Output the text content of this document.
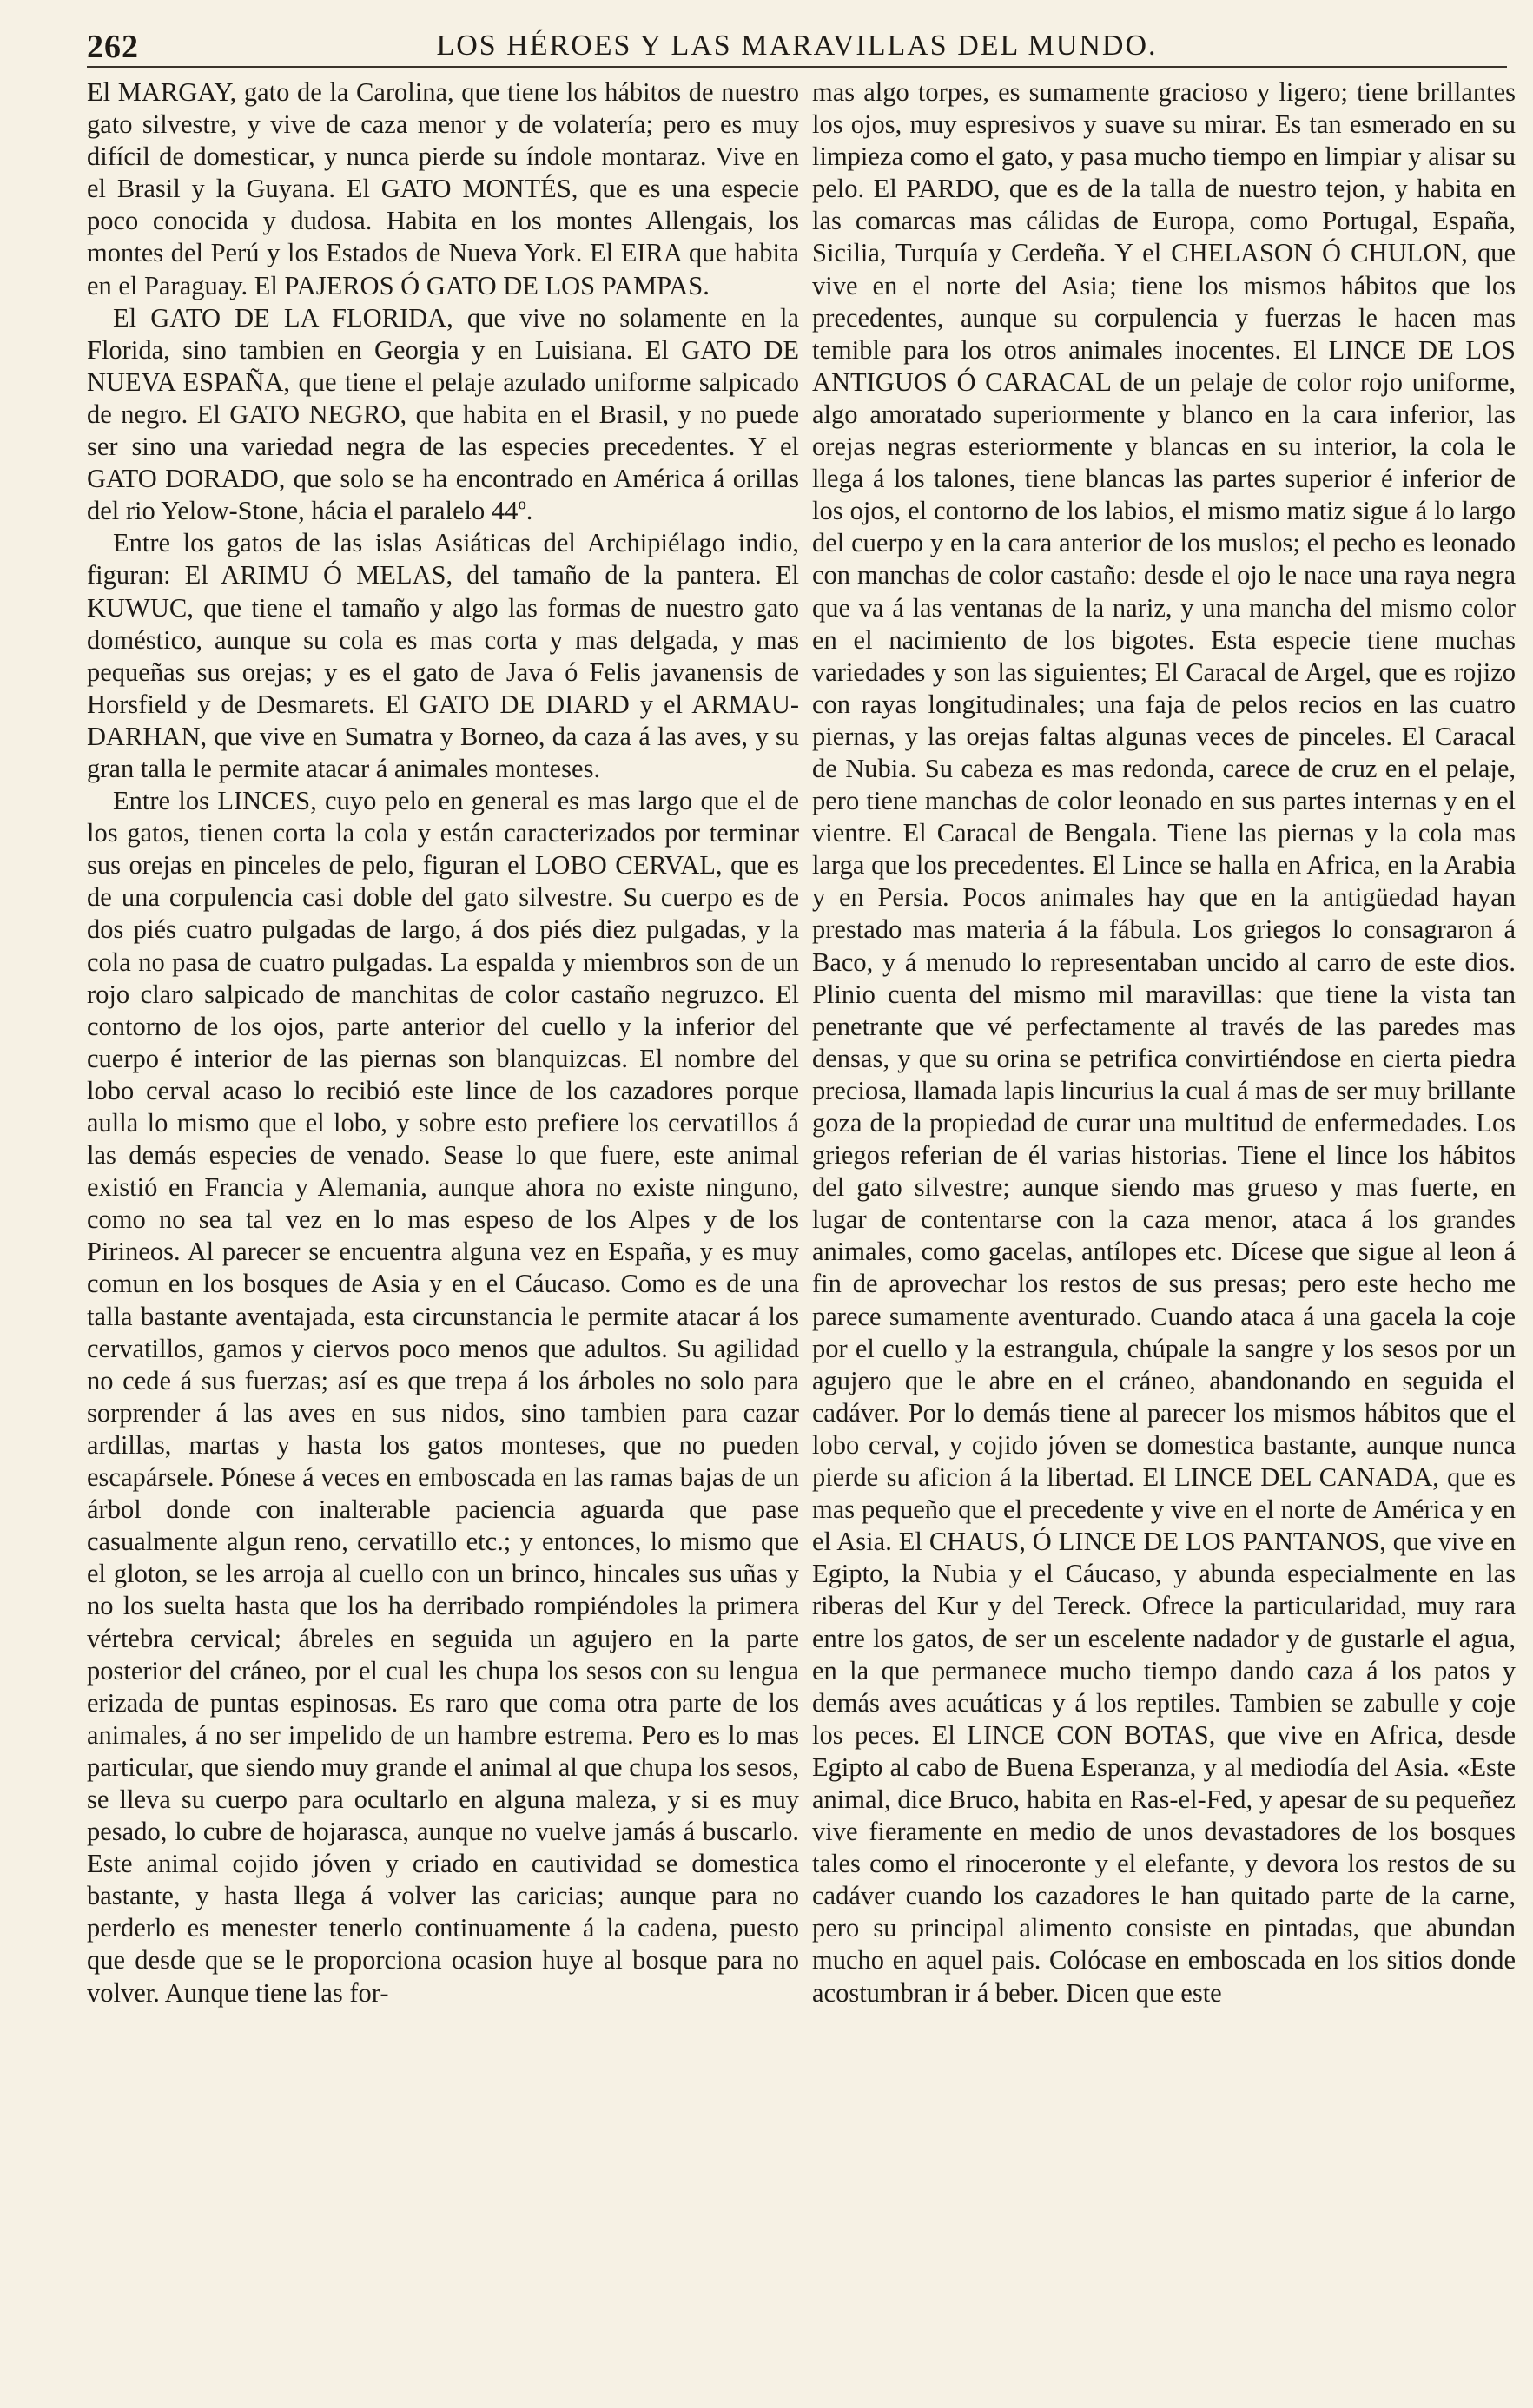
262	LOS HÉROES Y LAS MARAVILLAS DEL MUNDO.

El MARGAY, gato de la Carolina, que tiene los hábitos de nuestro gato silvestre, y vive de caza menor y de volatería; pero es muy difícil de domesticar, y nunca pierde su índole montaraz. Vive en el Brasil y la Guyana. El GATO MONTÉS, que es una especie poco conocida y dudosa. Habita en los montes Allengais, los montes del Perú y los Estados de Nueva York. El EIRA que habita en el Paraguay. El PAJEROS Ó GATO DE LOS PAMPAS.

El GATO DE LA FLORIDA, que vive no solamente en la Florida, sino tambien en Georgia y en Luisiana. El GATO DE NUEVA ESPAÑA, que tiene el pelaje azulado uniforme salpicado de negro. El GATO NEGRO, que habita en el Brasil, y no puede ser sino una variedad negra de las especies precedentes. Y el GATO DORADO, que solo se ha encontrado en América á orillas del rio Yelow-Stone, hácia el paralelo 44º.

Entre los gatos de las islas Asiáticas del Archipiélago indio, figuran: El ARIMU Ó MELAS, del tamaño de la pantera. El KUWUC, que tiene el tamaño y algo las formas de nuestro gato doméstico, aunque su cola es mas corta y mas delgada, y mas pequeñas sus orejas; y es el gato de Java ó Felis javanensis de Horsfield y de Desmarets. El GATO DE DIARD y el ARMAU-DARHAN, que vive en Sumatra y Borneo, da caza á las aves, y su gran talla le permite atacar á animales monteses.

Entre los LINCES, cuyo pelo en general es mas largo que el de los gatos, tienen corta la cola y están caracterizados por terminar sus orejas en pinceles de pelo, figuran el LOBO CERVAL, que es de una corpulencia casi doble del gato silvestre. Su cuerpo es de dos piés cuatro pulgadas de largo, á dos piés diez pulgadas, y la cola no pasa de cuatro pulgadas. La espalda y miembros son de un rojo claro salpicado de manchitas de color castaño negruzco. El contorno de los ojos, parte anterior del cuello y la inferior del cuerpo é interior de las piernas son blanquizcas. El nombre del lobo cerval acaso lo recibió este lince de los cazadores porque aulla lo mismo que el lobo, y sobre esto prefiere los cervatillos á las demás especies de venado. Sease lo que fuere, este animal existió en Francia y Alemania, aunque ahora no existe ninguno, como no sea tal vez en lo mas espeso de los Alpes y de los Pirineos. Al parecer se encuentra alguna vez en España, y es muy comun en los bosques de Asia y en el Cáucaso. Como es de una talla bastante aventajada, esta circunstancia le permite atacar á los cervatillos, gamos y ciervos poco menos que adultos. Su agilidad no cede á sus fuerzas; así es que trepa á los árboles no solo para sorprender á las aves en sus nidos, sino tambien para cazar ardillas, martas y hasta los gatos monteses, que no pueden escapársele. Pónese á veces en emboscada en las ramas bajas de un árbol donde con inalterable paciencia aguarda que pase casualmente algun reno, cervatillo etc.; y entonces, lo mismo que el gloton, se les arroja al cuello con un brinco, hincales sus uñas y no los suelta hasta que los ha derribado rompiéndoles la primera vértebra cervical; ábreles en seguida un agujero en la parte posterior del cráneo, por el cual les chupa los sesos con su lengua erizada de puntas espinosas. Es raro que coma otra parte de los animales, á no ser impelido de un hambre estrema. Pero es lo mas particular, que siendo muy grande el animal al que chupa los sesos, se lleva su cuerpo para ocultarlo en alguna maleza, y si es muy pesado, lo cubre de hojarasca, aunque no vuelve jamás á buscarlo. Este animal cojido jóven y criado en cautividad se domestica bastante, y hasta llega á volver las caricias; aunque para no perderlo es menester tenerlo continuamente á la cadena, puesto que desde que se le proporciona ocasion huye al bosque para no volver. Aunque tiene las for-

mas algo torpes, es sumamente gracioso y ligero; tiene brillantes los ojos, muy espresivos y suave su mirar. Es tan esmerado en su limpieza como el gato, y pasa mucho tiempo en limpiar y alisar su pelo. El PARDO, que es de la talla de nuestro tejon, y habita en las comarcas mas cálidas de Europa, como Portugal, España, Sicilia, Turquía y Cerdeña. Y el CHELASON Ó CHULON, que vive en el norte del Asia; tiene los mismos hábitos que los precedentes, aunque su corpulencia y fuerzas le hacen mas temible para los otros animales inocentes. El LINCE DE LOS ANTIGUOS Ó CARACAL de un pelaje de color rojo uniforme, algo amoratado superiormente y blanco en la cara inferior, las orejas negras esteriormente y blancas en su interior, la cola le llega á los talones, tiene blancas las partes superior é inferior de los ojos, el contorno de los labios, el mismo matiz sigue á lo largo del cuerpo y en la cara anterior de los muslos; el pecho es leonado con manchas de color castaño: desde el ojo le nace una raya negra que va á las ventanas de la nariz, y una mancha del mismo color en el nacimiento de los bigotes. Esta especie tiene muchas variedades y son las siguientes; El Caracal de Argel, que es rojizo con rayas longitudinales; una faja de pelos recios en las cuatro piernas, y las orejas faltas algunas veces de pinceles. El Caracal de Nubia. Su cabeza es mas redonda, carece de cruz en el pelaje, pero tiene manchas de color leonado en sus partes internas y en el vientre. El Caracal de Bengala. Tiene las piernas y la cola mas larga que los precedentes. El Lince se halla en Africa, en la Arabia y en Persia. Pocos animales hay que en la antigüedad hayan prestado mas materia á la fábula. Los griegos lo consagraron á Baco, y á menudo lo representaban uncido al carro de este dios. Plinio cuenta del mismo mil maravillas: que tiene la vista tan penetrante que vé perfectamente al través de las paredes mas densas, y que su orina se petrifica convirtiéndose en cierta piedra preciosa, llamada lapis lincurius la cual á mas de ser muy brillante goza de la propiedad de curar una multitud de enfermedades. Los griegos referian de él varias historias. Tiene el lince los hábitos del gato silvestre; aunque siendo mas grueso y mas fuerte, en lugar de contentarse con la caza menor, ataca á los grandes animales, como gacelas, antílopes etc. Dícese que sigue al leon á fin de aprovechar los restos de sus presas; pero este hecho me parece sumamente aventurado. Cuando ataca á una gacela la coje por el cuello y la estrangula, chúpale la sangre y los sesos por un agujero que le abre en el cráneo, abandonando en seguida el cadáver. Por lo demás tiene al parecer los mismos hábitos que el lobo cerval, y cojido jóven se domestica bastante, aunque nunca pierde su aficion á la libertad. El LINCE DEL CANADA, que es mas pequeño que el precedente y vive en el norte de América y en el Asia. El CHAUS, Ó LINCE DE LOS PANTANOS, que vive en Egipto, la Nubia y el Cáucaso, y abunda especialmente en las riberas del Kur y del Tereck. Ofrece la particularidad, muy rara entre los gatos, de ser un escelente nadador y de gustarle el agua, en la que permanece mucho tiempo dando caza á los patos y demás aves acuáticas y á los reptiles. Tambien se zabulle y coje los peces. El LINCE CON BOTAS, que vive en Africa, desde Egipto al cabo de Buena Esperanza, y al mediodía del Asia. «Este animal, dice Bruco, habita en Ras-el-Fed, y apesar de su pequeñez vive fieramente en medio de unos devastadores de los bosques tales como el rinoceronte y el elefante, y devora los restos de su cadáver cuando los cazadores le han quitado parte de la carne, pero su principal alimento consiste en pintadas, que abundan mucho en aquel pais. Colócase en emboscada en los sitios donde acostumbran ir á beber. Dicen que este
